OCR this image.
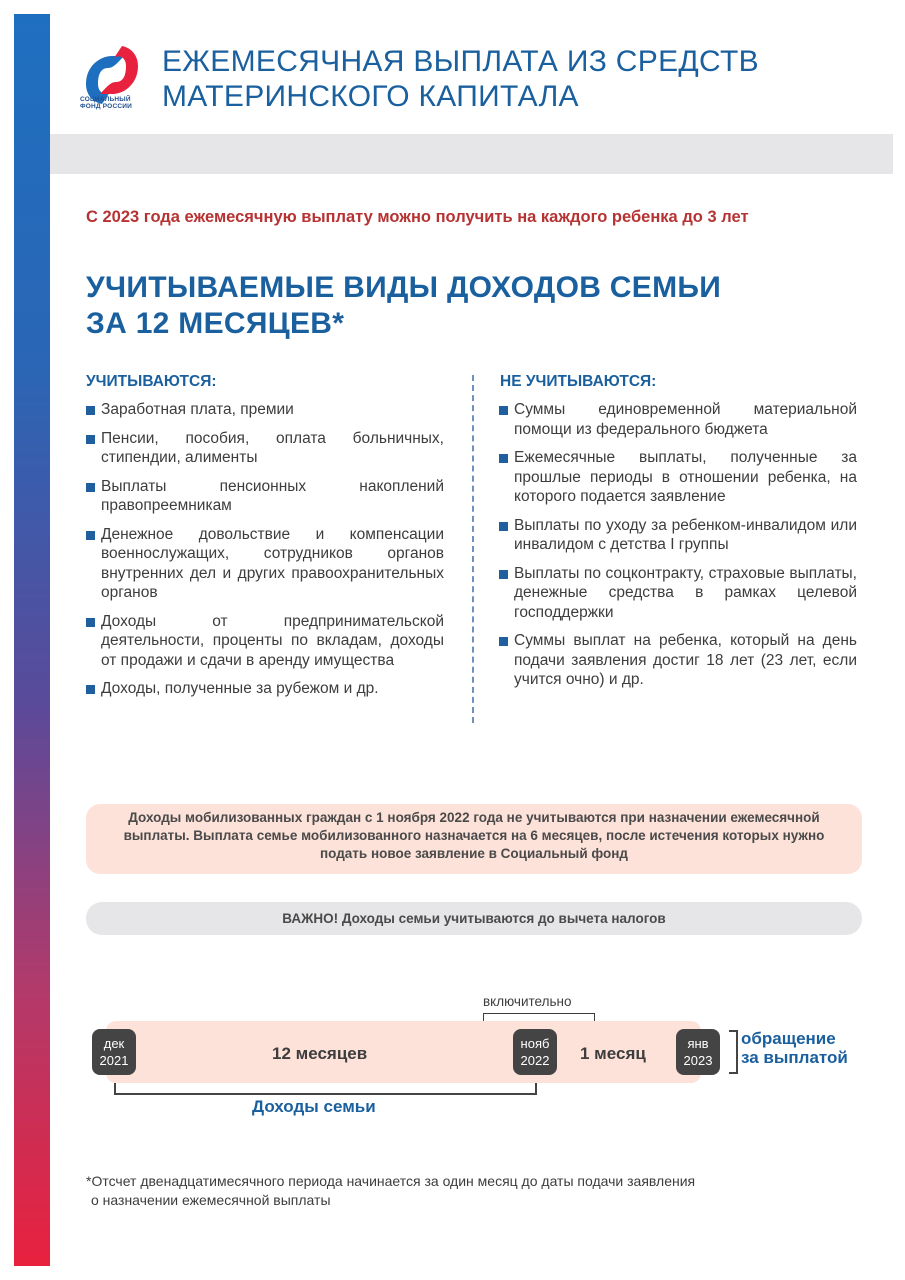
СОЦИАЛЬНЫЙ
ФОНД РОССИИ
ЕЖЕМЕСЯЧНАЯ ВЫПЛАТА ИЗ СРЕДСТВ
МАТЕРИНСКОГО КАПИТАЛА
С 2023 года ежемесячную выплату можно получить на каждого ребенка до 3 лет
УЧИТЫВАЕМЫЕ ВИДЫ ДОХОДОВ СЕМЬИ
ЗА 12 МЕСЯЦЕВ*
УЧИТЫВАЮТСЯ:	НЕ УЧИТЫВАЮТСЯ:
Заработная плата, премии
Пенсии, пособия, оплата больничных, стипендии, алименты
Выплаты пенсионных накоплений правопреемникам
Денежное довольствие и компенсации военнослужащих, сотрудников органов внутренних дел и других правоохранительных органов
Доходы от предпринимательской деятельности, проценты по вкладам, доходы от продажи и сдачи в аренду имущества
Доходы, полученные за рубежом и др.
Суммы единовременной материальной помощи из федерального бюджета
Ежемесячные выплаты, полученные за прошлые периоды в отношении ребенка, на которого подается заявление
Выплаты по уходу за ребенком-инвалидом или инвалидом с детства I группы
Выплаты по соцконтракту, страховые выплаты, денежные средства в рамках целевой господдержки
Суммы выплат на ребенка, который на день подачи заявления достиг 18 лет (23 лет, если учится очно) и др.
Доходы мобилизованных граждан с 1 ноября 2022 года не учитываются при назначении ежемесячной выплаты. Выплата семье мобилизованного назначается на 6 месяцев, после истечения которых нужно подать новое заявление в Социальный фонд
ВАЖНО! Доходы семьи учитываются до вычета налогов
дек
2021	12 месяцев
включительно
нояб
2022	1 месяц
янв
2023
обращение
за выплатой
Доходы семьи
*Отсчет двенадцатимесячного периода начинается за один месяц до даты подачи заявления
о назначении ежемесячной выплаты
